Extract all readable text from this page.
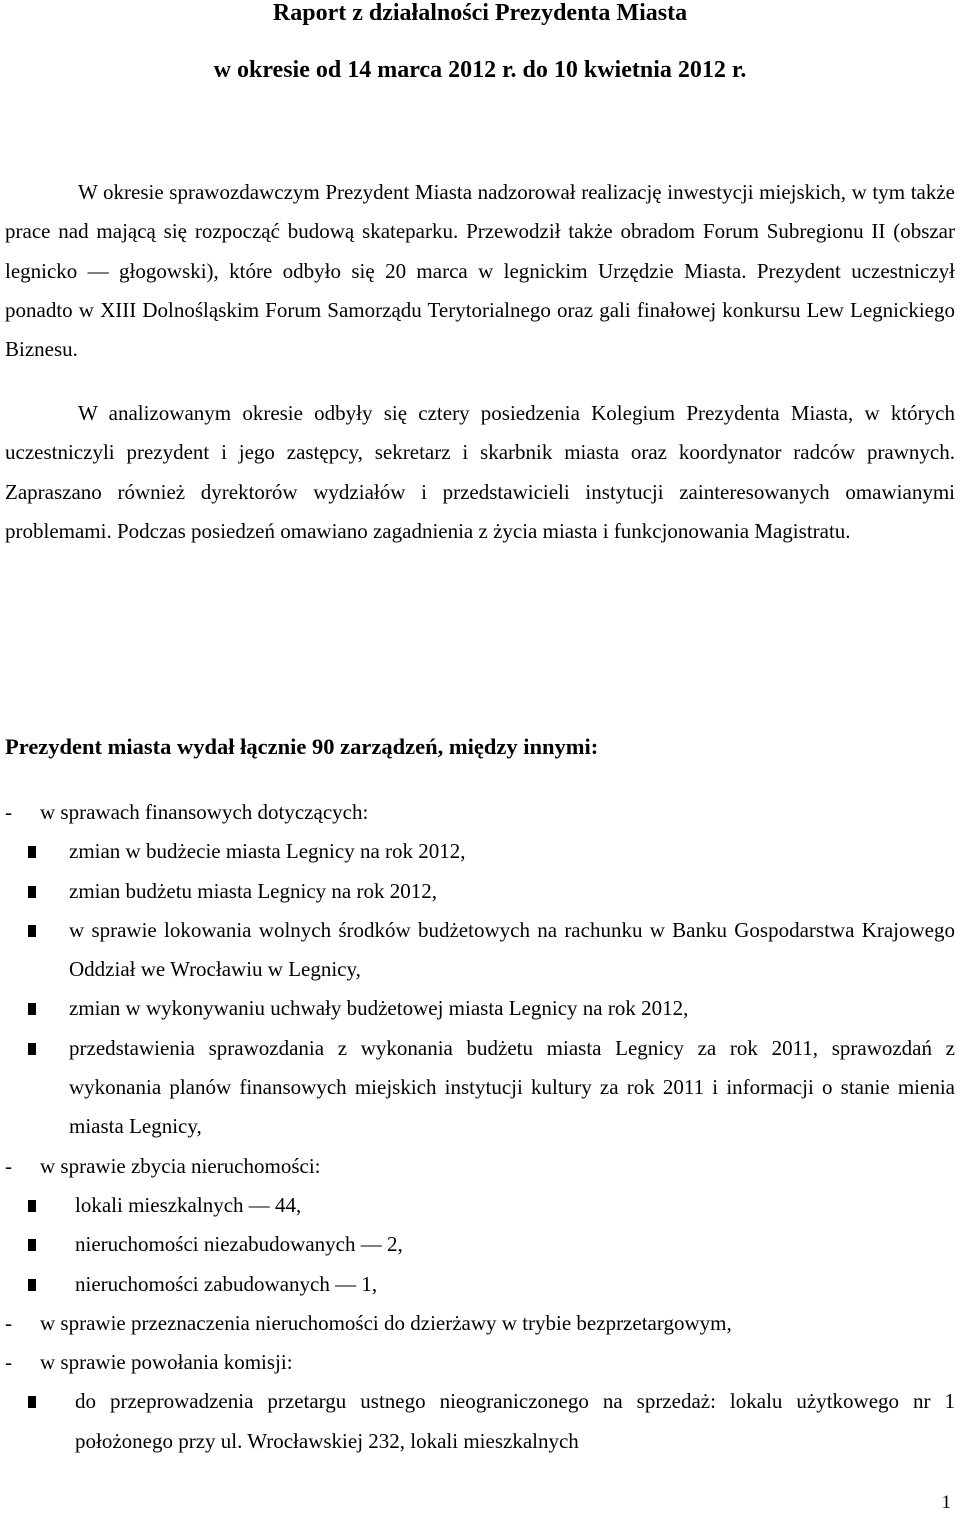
Raport z działalności Prezydenta Miasta
w okresie od 14 marca 2012 r. do 10 kwietnia 2012 r.

W okresie sprawozdawczym Prezydent Miasta nadzorował realizację inwestycji miejskich, w tym także prace nad mającą się rozpocząć budową skateparku. Przewodził także obradom Forum Subregionu II (obszar legnicko ― głogowski), które odbyło się 20 marca w legnickim Urzędzie Miasta. Prezydent uczestniczył ponadto w XIII Dolnośląskim Forum Samorządu Terytorialnego oraz gali finałowej konkursu Lew Legnickiego Biznesu.

W analizowanym okresie odbyły się cztery posiedzenia Kolegium Prezydenta Miasta, w których uczestniczyli prezydent i jego zastępcy, sekretarz i skarbnik miasta oraz koordynator radców prawnych. Zapraszano również dyrektorów wydziałów i przedstawicieli instytucji zainteresowanych omawianymi problemami. Podczas posiedzeń omawiano zagadnienia z życia miasta i funkcjonowania Magistratu.

Prezydent miasta wydał łącznie 90 zarządzeń, między innymi:
- w sprawach finansowych dotyczących:
zmian w budżecie miasta Legnicy na rok 2012,
zmian budżetu miasta Legnicy na rok 2012,
w sprawie lokowania wolnych środków budżetowych na rachunku w Banku Gospodarstwa Krajowego Oddział we Wrocławiu w Legnicy,
zmian w wykonywaniu uchwały budżetowej miasta Legnicy na rok 2012,
przedstawienia sprawozdania z wykonania budżetu miasta Legnicy za rok 2011, sprawozdań z wykonania planów finansowych miejskich instytucji kultury za rok 2011 i informacji o stanie mienia miasta Legnicy,
- w sprawie zbycia nieruchomości:
lokali mieszkalnych ― 44,
nieruchomości niezabudowanych ― 2,
nieruchomości zabudowanych ― 1,
- w sprawie przeznaczenia nieruchomości do dzierżawy w trybie bezprzetargowym,
- w sprawie powołania komisji:
do przeprowadzenia przetargu ustnego nieograniczonego na sprzedaż: lokalu użytkowego nr 1 położonego przy ul. Wrocławskiej 232, lokali mieszkalnych
1
